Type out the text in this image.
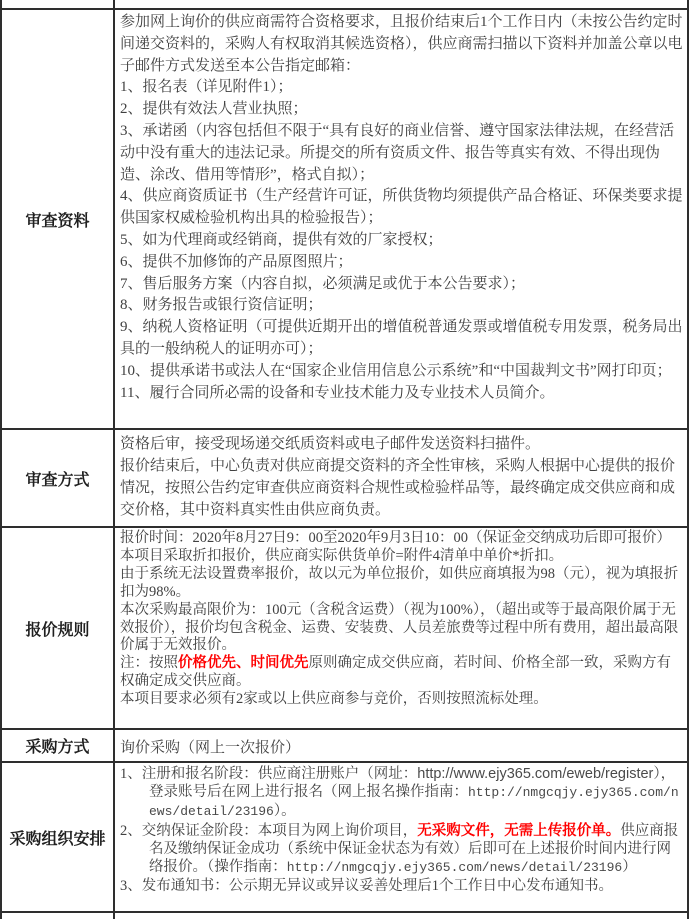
审查资料
参加网上询价的供应商需符合资格要求，且报价结束后1个工作日内（未按公告约定时间递交资料的，采购人有权取消其候选资格），供应商需扫描以下资料并加盖公章以电子邮件方式发送至本公告指定邮箱：
1、报名表（详见附件1）；
2、提供有效法人营业执照；
3、承诺函（内容包括但不限于“具有良好的商业信誉、遵守国家法律法规，在经营活动中没有重大的违法记录。所提交的所有资质文件、报告等真实有效、不得出现伪造、涂改、借用等情形”，格式自拟）；
4、供应商资质证书（生产经营许可证，所供货物均须提供产品合格证、环保类要求提供国家权威检验机构出具的检验报告）；
5、如为代理商或经销商，提供有效的厂家授权；
6、提供不加修饰的产品原图照片；
7、售后服务方案（内容自拟，必须满足或优于本公告要求）；
8、财务报告或银行资信证明；
9、纳税人资格证明（可提供近期开出的增值税普通发票或增值税专用发票，税务局出具的一般纳税人的证明亦可）；
10、提供承诺书或法人在“国家企业信用信息公示系统”和“中国裁判文书”网打印页；
11、履行合同所必需的设备和专业技术能力及专业技术人员简介。
审查方式
资格后审，接受现场递交纸质资料或电子邮件发送资料扫描件。
报价结束后，中心负责对供应商提交资料的齐全性审核，采购人根据中心提供的报价情况，按照公告约定审查供应商资料合规性或检验样品等，最终确定成交供应商和成交价格，其中资料真实性由供应商负责。
报价规则
报价时间：2020年8月27日9：00至2020年9月3日10：00（保证金交纳成功后即可报价）
本项目采取折扣报价，供应商实际供货单价=附件4清单中单价*折扣。
由于系统无法设置费率报价，故以元为单位报价，如供应商填报为98（元），视为填报折扣为98%。
本次采购最高限价为：100元（含税含运费）（视为100%），（超出或等于最高限价属于无效报价），报价均包含税金、运费、安装费、人员差旅费等过程中所有费用，超出最高限价属于无效报价。
注：按照价格优先、时间优先原则确定成交供应商，若时间、价格全部一致，采购方有权确定成交供应商。
本项目要求必须有2家或以上供应商参与竞价，否则按照流标处理。
采购方式	询价采购（网上一次报价）
采购组织安排
1、注册和报名阶段：供应商注册账户（网址：http://www.ejy365.com/eweb/register），登录账号后在网上进行报名（网上报名操作指南：http://nmgcqjy.ejy365.com/news/detail/23196）。
2、交纳保证金阶段：本项目为网上询价项目，无采购文件，无需上传报价单。供应商报名及缴纳保证金成功（系统中保证金状态为有效）后即可在上述报价时间内进行网络报价。（操作指南：http://nmgcqjy.ejy365.com/news/detail/23196）
3、发布通知书：公示期无异议或异议妥善处理后1个工作日中心发布通知书。
